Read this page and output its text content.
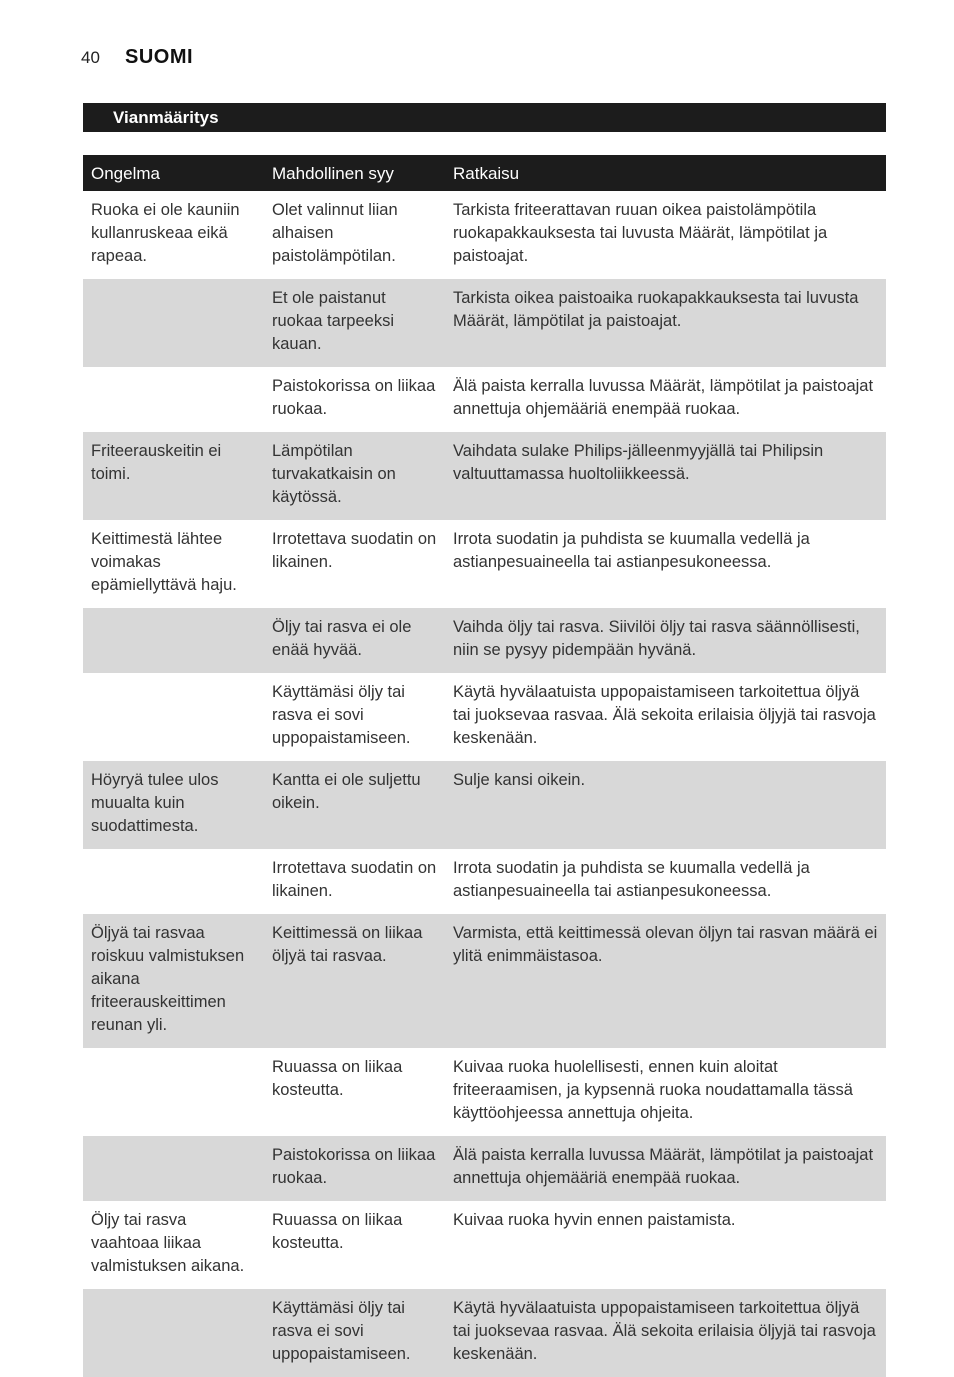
40	SUOMI
Vianmääritys
Ongelma	Mahdollinen syy	Ratkaisu
Ruoka ei ole kauniin kullanruskeaa eikä rapeaa.	Olet valinnut liian alhaisen paistolämpötilan.	Tarkista friteerattavan ruuan oikea paistolämpötila ruokapakkauksesta tai luvusta Määrät, lämpötilat ja paistoajat.
	Et ole paistanut ruokaa tarpeeksi kauan.	Tarkista oikea paistoaika ruokapakkauksesta tai luvusta Määrät, lämpötilat ja paistoajat.
	Paistokorissa on liikaa ruokaa.	Älä paista kerralla luvussa Määrät, lämpötilat ja paistoajat annettuja ohjemääriä enempää ruokaa.
Friteerauskeitin ei toimi.	Lämpötilan turvakatkaisin on käytössä.	Vaihdata sulake Philips-jälleenmyyjällä tai Philipsin valtuuttamassa huoltoliikkeessä.
Keittimestä lähtee voimakas epämiellyttävä haju.	Irrotettava suodatin on likainen.	Irrota suodatin ja puhdista se kuumalla vedellä ja astianpesuaineella tai astianpesukoneessa.
	Öljy tai rasva ei ole enää hyvää.	Vaihda öljy tai rasva. Siivilöi öljy tai rasva säännöllisesti, niin se pysyy pidempään hyvänä.
	Käyttämäsi öljy tai rasva ei sovi uppopaistamiseen.	Käytä hyvälaatuista uppopaistamiseen tarkoitettua öljyä tai juoksevaa rasvaa. Älä sekoita erilaisia öljyjä tai rasvoja keskenään.
Höyryä tulee ulos muualta kuin suodattimesta.	Kantta ei ole suljettu oikein.	Sulje kansi oikein.
	Irrotettava suodatin on likainen.	Irrota suodatin ja puhdista se kuumalla vedellä ja astianpesuaineella tai astianpesukoneessa.
Öljyä tai rasvaa roiskuu valmistuksen aikana friteerauskeittimen reunan yli.	Keittimessä on liikaa öljyä tai rasvaa.	Varmista, että keittimessä olevan öljyn tai rasvan määrä ei ylitä enimmäistasoa.
	Ruuassa on liikaa kosteutta.	Kuivaa ruoka huolellisesti, ennen kuin aloitat friteeraamisen, ja kypsennä ruoka noudattamalla tässä käyttöohjeessa annettuja ohjeita.
	Paistokorissa on liikaa ruokaa.	Älä paista kerralla luvussa Määrät, lämpötilat ja paistoajat annettuja ohjemääriä enempää ruokaa.
Öljy tai rasva vaahtoaa liikaa valmistuksen aikana.	Ruuassa on liikaa kosteutta.	Kuivaa ruoka hyvin ennen paistamista.
	Käyttämäsi öljy tai rasva ei sovi uppopaistamiseen.	Käytä hyvälaatuista uppopaistamiseen tarkoitettua öljyä tai juoksevaa rasvaa. Älä sekoita erilaisia öljyjä tai rasvoja keskenään.
